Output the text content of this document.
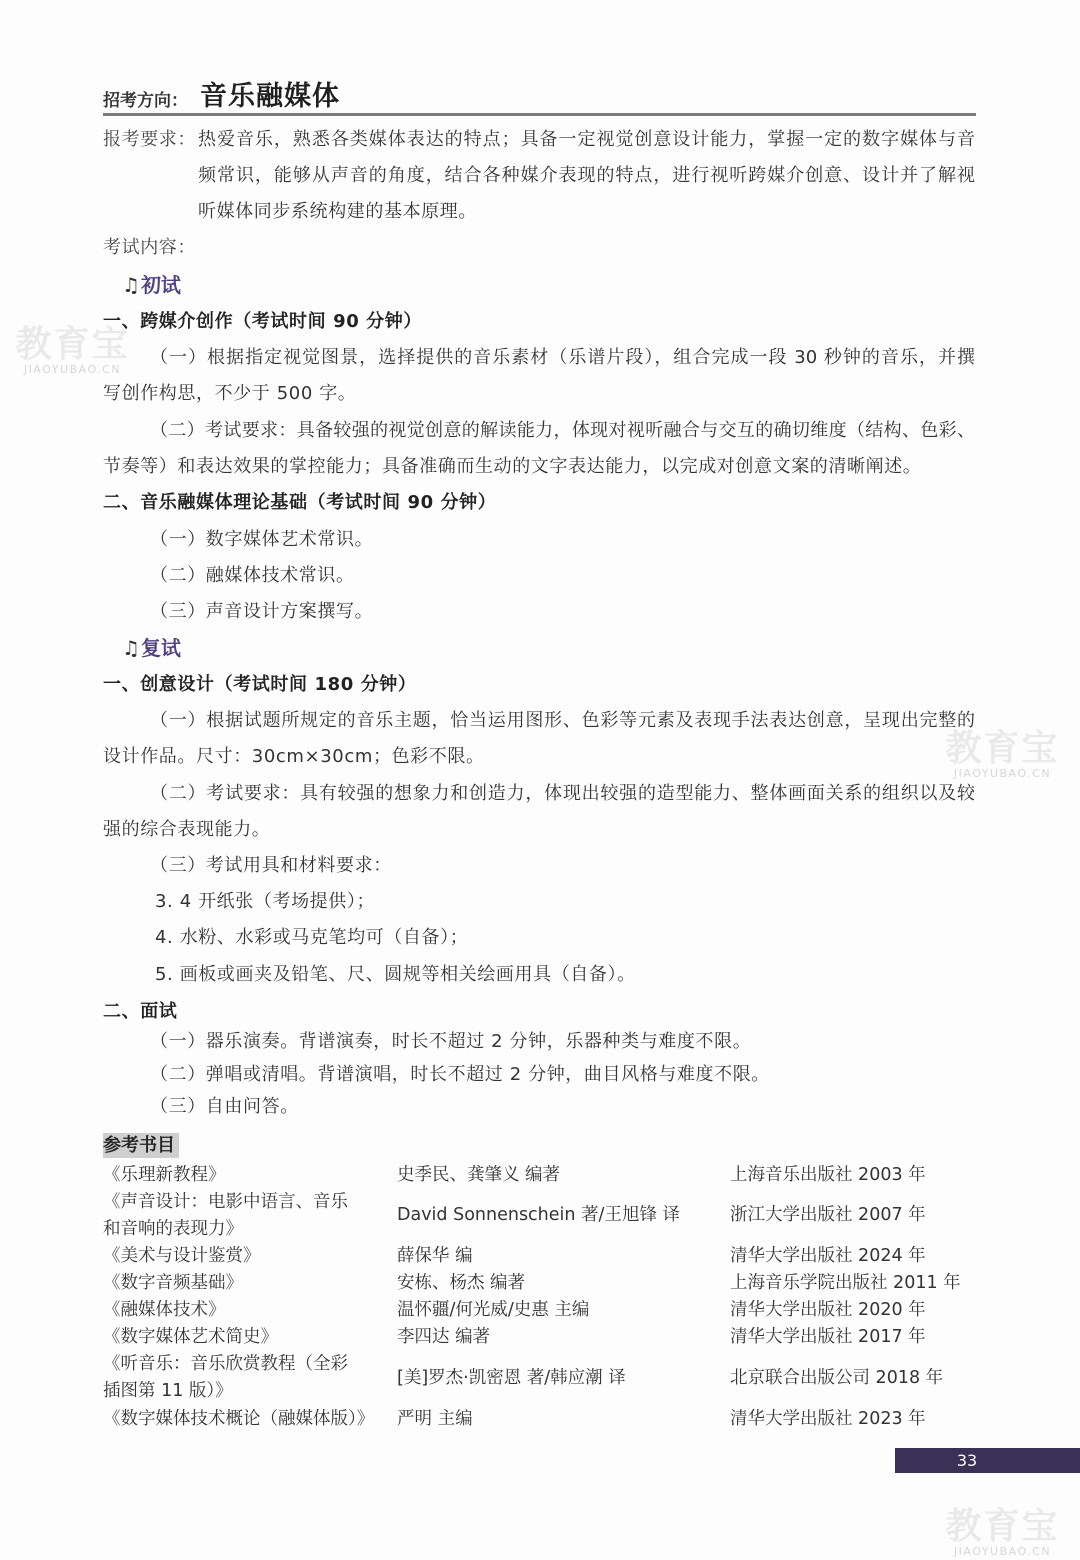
教育宝
JIAOYUBAO.CN
教育宝
JIAOYUBAO.CN
教育宝
JIAOYUBAO.CN
招考方向： 音乐融媒体
报考要求： 热爱音乐，熟悉各类媒体表达的特点；具备一定视觉创意设计能力，掌握一定的数字媒体与音
频常识，能够从声音的角度，结合各种媒介表现的特点，进行视听跨媒介创意、设计并了解视
听媒体同步系统构建的基本原理。
考试内容：
♫ 初试
一、跨媒介创作（考试时间 90 分钟）
（一）根据指定视觉图景，选择提供的音乐素材（乐谱片段），组合完成一段 30 秒钟的音乐，并撰
写创作构思，不少于 500 字。
（二）考试要求：具备较强的视觉创意的解读能力，体现对视听融合与交互的确切维度（结构、色彩、
节奏等）和表达效果的掌控能力；具备准确而生动的文字表达能力，以完成对创意文案的清晰阐述。
二、音乐融媒体理论基础（考试时间 90 分钟）
（一）数字媒体艺术常识。
（二）融媒体技术常识。
（三）声音设计方案撰写。
♫ 复试
一、创意设计（考试时间 180 分钟）
（一）根据试题所规定的音乐主题，恰当运用图形、色彩等元素及表现手法表达创意，呈现出完整的
设计作品。尺寸：30cm×30cm；色彩不限。
（二）考试要求：具有较强的想象力和创造力，体现出较强的造型能力、整体画面关系的组织以及较
强的综合表现能力。
（三）考试用具和材料要求：
3. 4 开纸张（考场提供）；
4. 水粉、水彩或马克笔均可（自备）；
5. 画板或画夹及铅笔、尺、圆规等相关绘画用具（自备）。
二、面试
（一）器乐演奏。背谱演奏，时长不超过 2 分钟，乐器种类与难度不限。
（二）弹唱或清唱。背谱演唱，时长不超过 2 分钟，曲目风格与难度不限。
（三）自由问答。
参考书目
《乐理新教程》	史季民、龚肇义 编著	上海音乐出版社 2003 年
《声音设计：电影中语言、音乐
和音响的表现力》
David Sonnenschein 著/王旭锋 译	浙江大学出版社 2007 年
《美术与设计鉴赏》	薛保华 编	清华大学出版社 2024 年
《数字音频基础》	安栋、杨杰 编著	上海音乐学院出版社 2011 年
《融媒体技术》	温怀疆/何光威/史惠 主编	清华大学出版社 2020 年
《数字媒体艺术简史》	李四达 编著	清华大学出版社 2017 年
《听音乐：音乐欣赏教程（全彩
插图第 11 版）》
[美]罗杰·凯密恩 著/韩应潮 译	北京联合出版公司 2018 年
《数字媒体技术概论（融媒体版）》 严明 主编	清华大学出版社 2023 年
33
